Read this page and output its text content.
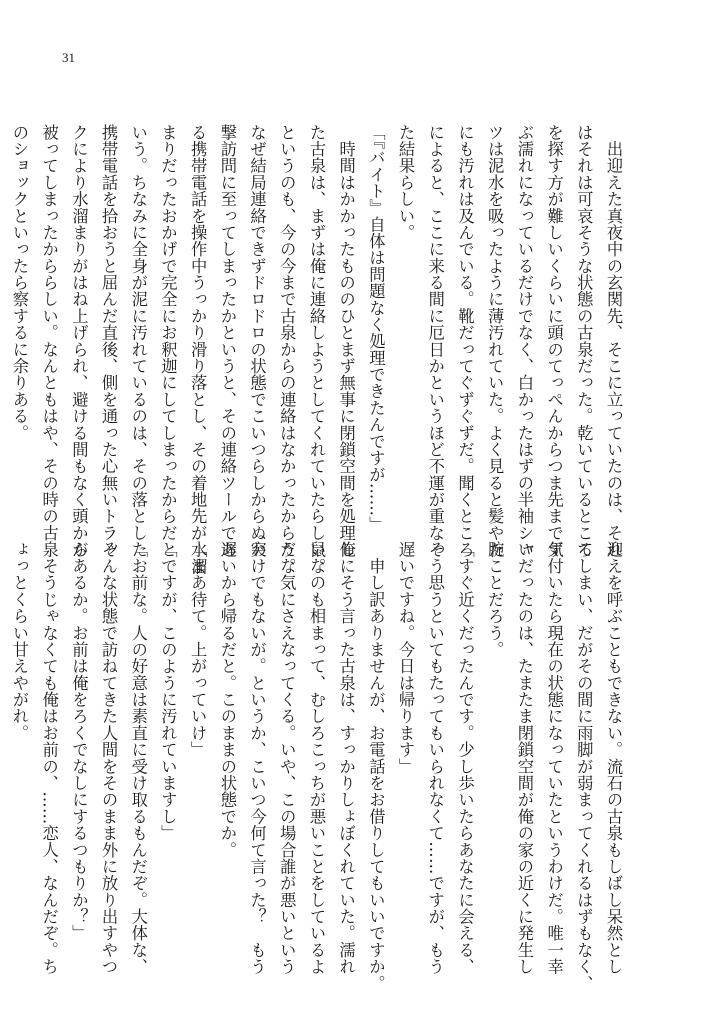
31
　出迎えた真夜中の玄関先、そこに立っていたのは、それ
はそれは可哀そうな状態の古泉だった。乾いているところ
を探す方が難しいくらいに頭のてっぺんからつま先までず
ぶ濡れになっているだけでなく、白かったはずの半袖シャ
ツは泥水を吸ったように薄汚れていた。よく見ると髪や腕
にも汚れは及んでいる。靴だってぐずぐずだ。聞くところ
によると、ここに来る間に厄日かというほど不運が重なっ
た結果らしい。
「『バイト』自体は問題なく処理できたんですが……」
　時間はかかったもののひとまず無事に閉鎖空間を処理し
た古泉は、まずは俺に連絡しようとしてくれていたらしい。
というのも、今の今まで古泉からの連絡はなかったからだ。
なぜ結局連絡できずドロドロの状態でこいつらしからぬ突
撃訪問に至ってしまったかというと、その連絡ツールであ
る携帯電話を操作中うっかり滑り落とし、その着地先が水溜
まりだったおかげで完全にお釈迦にしてしまったからだと
いう。ちなみに全身が泥に汚れているのは、その落とした
携帯電話を拾おうと屈んだ直後、側を通った心無いトラッ
クにより水溜まりがはね上げられ、避ける間もなく頭から
被ってしまったかららしい。なんともはや、その時の古泉
のショックといったら察するに余りある。
迎えを呼ぶこともできない。流石の古泉もしばし呆然とし
てしまい、だがその間に雨脚が弱まってくれるはずもなく、
気付いたら現在の状態になっていたというわけだ。唯一幸
いだったのは、たまたま閉鎖空間が俺の家の近くに発生し
たことだろう。
「すぐ近くだったんです。少し歩いたらあなたに会える、
そう思うといてもたってもいられなくて……ですが、もう
遅いですね。今日は帰ります」
　申し訳ありませんが、お電話をお借りしてもいいですか。
俺にそう言った古泉は、すっかりしょぼくれていた。濡れ
鼠なのも相まって、むしろこっちが悪いことをしているよ
うな気にさえなってくる。いや、この場合誰が悪いという
わけでもないが。というか、こいつ今何て言った？　もう
遅いから帰るだと。このままの状態でか。
「まあ待て。上がっていけ」
「ですが、このように汚れていますし」
「お前な。人の好意は素直に受け取るもんだぞ。大体な、
そんな状態で訪ねてきた人間をそのまま外に放り出すやつ
があるか。お前は俺をろくでなしにするつもりか？」
　そうじゃなくても俺はお前の、……恋人、なんだぞ。ち
ょっとくらい甘えやがれ。
